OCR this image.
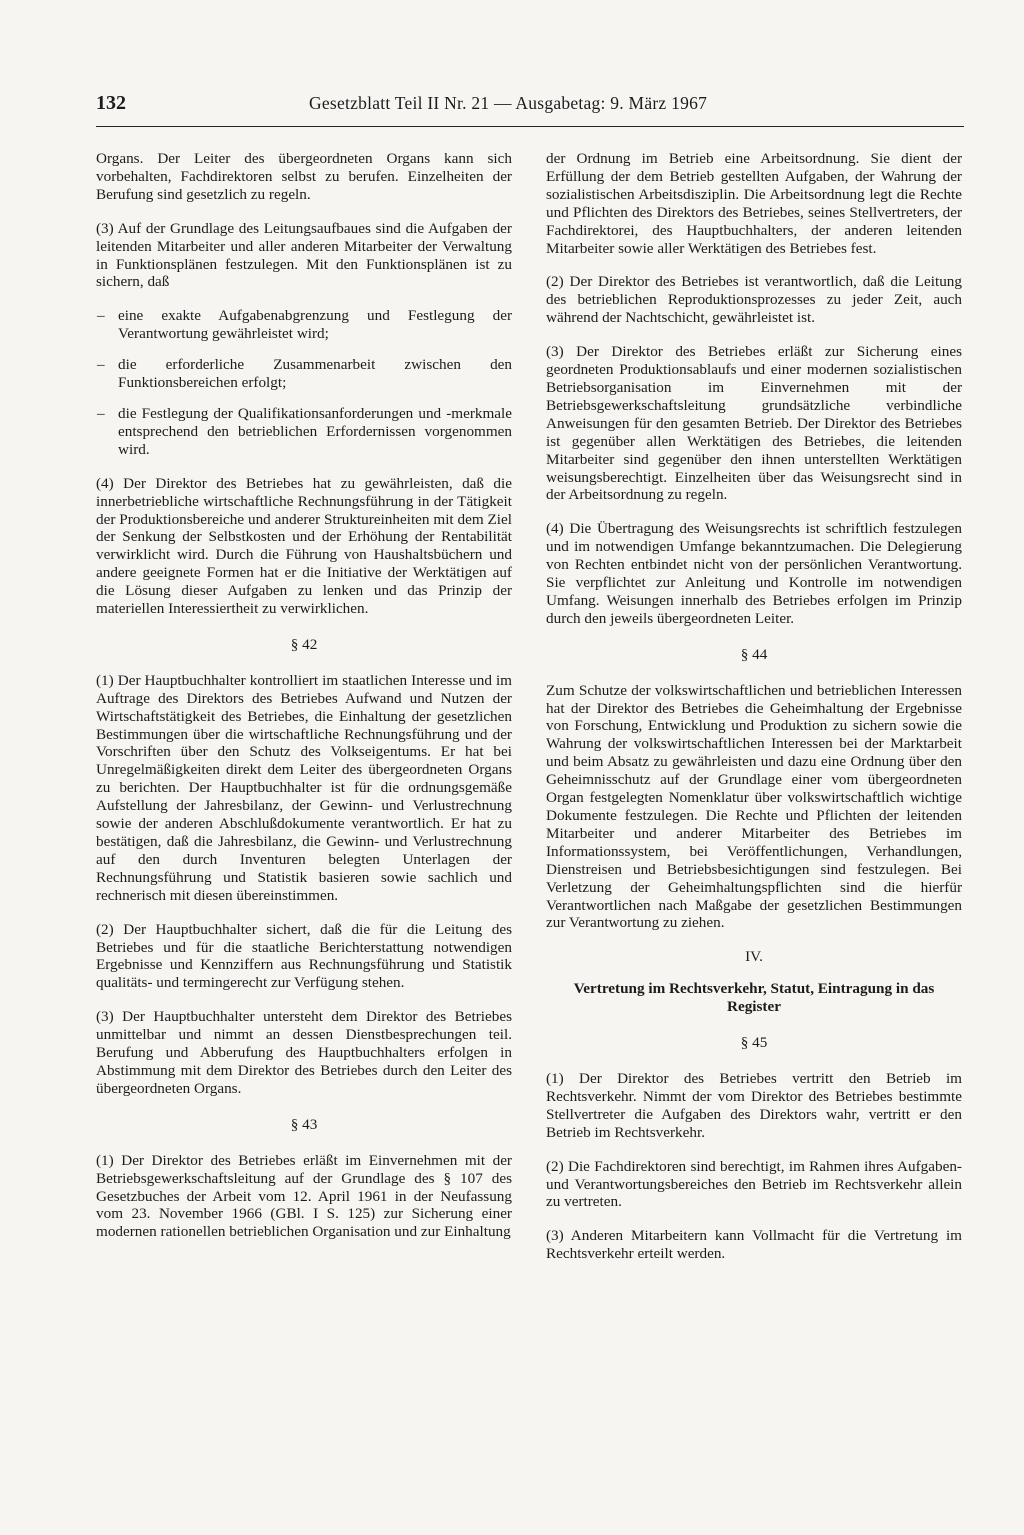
132	Gesetzblatt Teil II Nr. 21 — Ausgabetag: 9. März 1967

Organs. Der Leiter des übergeordneten Organs kann sich vorbehalten, Fachdirektoren selbst zu berufen. Einzelheiten der Berufung sind gesetzlich zu regeln.

(3) Auf der Grundlage des Leitungsaufbaues sind die Aufgaben der leitenden Mitarbeiter und aller anderen Mitarbeiter der Verwaltung in Funktionsplänen festzulegen. Mit den Funktionsplänen ist zu sichern, daß

– eine exakte Aufgabenabgrenzung und Festlegung der Verantwortung gewährleistet wird;
– die erforderliche Zusammenarbeit zwischen den Funktionsbereichen erfolgt;
– die Festlegung der Qualifikationsanforderungen und -merkmale entsprechend den betrieblichen Erfordernissen vorgenommen wird.

(4) Der Direktor des Betriebes hat zu gewährleisten, daß die innerbetriebliche wirtschaftliche Rechnungsführung in der Tätigkeit der Produktionsbereiche und anderer Struktureinheiten mit dem Ziel der Senkung der Selbstkosten und der Erhöhung der Rentabilität verwirklicht wird. Durch die Führung von Haushaltsbüchern und andere geeignete Formen hat er die Initiative der Werktätigen auf die Lösung dieser Aufgaben zu lenken und das Prinzip der materiellen Interessiertheit zu verwirklichen.

§ 42

(1) Der Hauptbuchhalter kontrolliert im staatlichen Interesse und im Auftrage des Direktors des Betriebes Aufwand und Nutzen der Wirtschaftstätigkeit des Betriebes, die Einhaltung der gesetzlichen Bestimmungen über die wirtschaftliche Rechnungsführung und der Vorschriften über den Schutz des Volkseigentums. Er hat bei Unregelmäßigkeiten direkt dem Leiter des übergeordneten Organs zu berichten. Der Hauptbuchhalter ist für die ordnungsgemäße Aufstellung der Jahresbilanz, der Gewinn- und Verlustrechnung sowie der anderen Abschlußdokumente verantwortlich. Er hat zu bestätigen, daß die Jahresbilanz, die Gewinn- und Verlustrechnung auf den durch Inventuren belegten Unterlagen der Rechnungsführung und Statistik basieren sowie sachlich und rechnerisch mit diesen übereinstimmen.

(2) Der Hauptbuchhalter sichert, daß die für die Leitung des Betriebes und für die staatliche Berichterstattung notwendigen Ergebnisse und Kennziffern aus Rechnungsführung und Statistik qualitäts- und termingerecht zur Verfügung stehen.

(3) Der Hauptbuchhalter untersteht dem Direktor des Betriebes unmittelbar und nimmt an dessen Dienstbesprechungen teil. Berufung und Abberufung des Hauptbuchhalters erfolgen in Abstimmung mit dem Direktor des Betriebes durch den Leiter des übergeordneten Organs.

§ 43

(1) Der Direktor des Betriebes erläßt im Einvernehmen mit der Betriebsgewerkschaftsleitung auf der Grundlage des § 107 des Gesetzbuches der Arbeit vom 12. April 1961 in der Neufassung vom 23. November 1966 (GBl. I S. 125) zur Sicherung einer modernen rationellen betrieblichen Organisation und zur Einhaltung

der Ordnung im Betrieb eine Arbeitsordnung. Sie dient der Erfüllung der dem Betrieb gestellten Aufgaben, der Wahrung der sozialistischen Arbeitsdisziplin. Die Arbeitsordnung legt die Rechte und Pflichten des Direktors des Betriebes, seines Stellvertreters, der Fachdirektorei, des Hauptbuchhalters, der anderen leitenden Mitarbeiter sowie aller Werktätigen des Betriebes fest.

(2) Der Direktor des Betriebes ist verantwortlich, daß die Leitung des betrieblichen Reproduktionsprozesses zu jeder Zeit, auch während der Nachtschicht, gewährleistet ist.

(3) Der Direktor des Betriebes erläßt zur Sicherung eines geordneten Produktionsablaufs und einer modernen sozialistischen Betriebsorganisation im Einvernehmen mit der Betriebsgewerkschaftsleitung grundsätzliche verbindliche Anweisungen für den gesamten Betrieb. Der Direktor des Betriebes ist gegenüber allen Werktätigen des Betriebes, die leitenden Mitarbeiter sind gegenüber den ihnen unterstellten Werktätigen weisungsberechtigt. Einzelheiten über das Weisungsrecht sind in der Arbeitsordnung zu regeln.

(4) Die Übertragung des Weisungsrechts ist schriftlich festzulegen und im notwendigen Umfange bekanntzumachen. Die Delegierung von Rechten entbindet nicht von der persönlichen Verantwortung. Sie verpflichtet zur Anleitung und Kontrolle im notwendigen Umfang. Weisungen innerhalb des Betriebes erfolgen im Prinzip durch den jeweils übergeordneten Leiter.

§ 44

Zum Schutze der volkswirtschaftlichen und betrieblichen Interessen hat der Direktor des Betriebes die Geheimhaltung der Ergebnisse von Forschung, Entwicklung und Produktion zu sichern sowie die Wahrung der volkswirtschaftlichen Interessen bei der Marktarbeit und beim Absatz zu gewährleisten und dazu eine Ordnung über den Geheimnisschutz auf der Grundlage einer vom übergeordneten Organ festgelegten Nomenklatur über volkswirtschaftlich wichtige Dokumente festzulegen. Die Rechte und Pflichten der leitenden Mitarbeiter und anderer Mitarbeiter des Betriebes im Informationssystem, bei Veröffentlichungen, Verhandlungen, Dienstreisen und Betriebsbesichtigungen sind festzulegen. Bei Verletzung der Geheimhaltungspflichten sind die hierfür Verantwortlichen nach Maßgabe der gesetzlichen Bestimmungen zur Verantwortung zu ziehen.

IV.

Vertretung im Rechtsverkehr, Statut, Eintragung in das Register

§ 45

(1) Der Direktor des Betriebes vertritt den Betrieb im Rechtsverkehr. Nimmt der vom Direktor des Betriebes bestimmte Stellvertreter die Aufgaben des Direktors wahr, vertritt er den Betrieb im Rechtsverkehr.

(2) Die Fachdirektoren sind berechtigt, im Rahmen ihres Aufgaben- und Verantwortungsbereiches den Betrieb im Rechtsverkehr allein zu vertreten.

(3) Anderen Mitarbeitern kann Vollmacht für die Vertretung im Rechtsverkehr erteilt werden.
